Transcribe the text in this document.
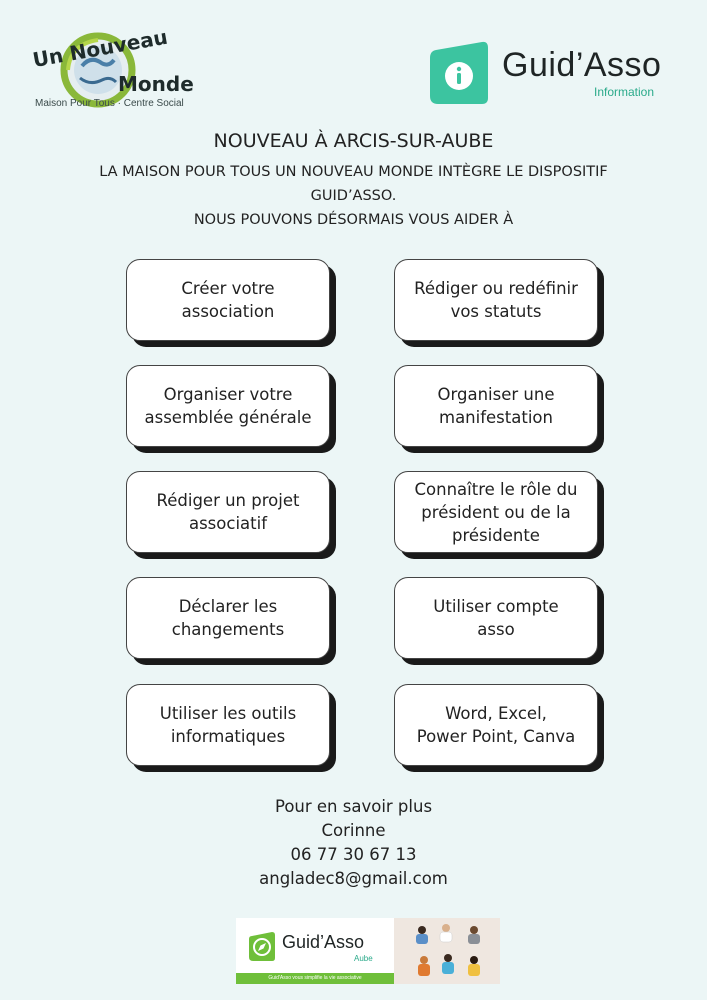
Un Nouveau
Monde
Maison Pour Tous · Centre Social
Guid’Asso
Information
NOUVEAU À ARCIS-SUR-AUBE
LA MAISON POUR TOUS UN NOUVEAU MONDE INTÈGRE LE DISPOSITIF
GUID’ASSO.
NOUS POUVONS DÉSORMAIS VOUS AIDER À
Créer votre
association
Rédiger ou redéfinir
vos statuts
Organiser votre
assemblée générale
Organiser une
manifestation
Rédiger un projet
associatif
Connaître le rôle du
président ou de la
présidente
Déclarer les
changements
Utiliser compte
asso
Utiliser les outils
informatiques
Word, Excel,
Power Point, Canva
Pour en savoir plus
Corinne
06 77 30 67 13
angladec8@gmail.com
Guid’Asso
Aube
Guid'Asso vous simplifie la vie associative
